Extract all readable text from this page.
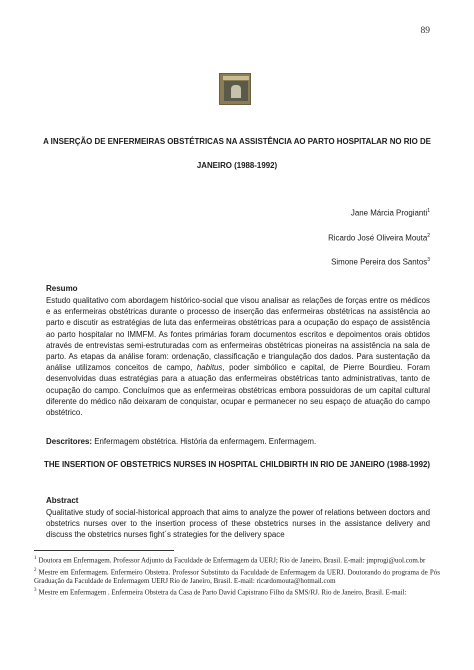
89
A INSERÇÃO DE ENFERMEIRAS OBSTÉTRICAS NA ASSISTÊNCIA AO PARTO HOSPITALAR NO RIO DE JANEIRO (1988-1992)
Jane Márcia Progianti$^1$
Ricardo José Oliveira Mouta$^2$
Simone Pereira dos Santos$^3$
Resumo
Estudo qualitativo com abordagem histórico-social que visou analisar as relações de forças entre os médicos e as enfermeiras obstétricas durante o processo de inserção das enfermeiras obstétricas na assistência ao parto e discutir as estratégias de luta das enfermeiras obstétricas para a ocupação do espaço de assistência ao parto hospitalar no IMMFM. As fontes primárias foram documentos escritos e depoimentos orais obtidos através de entrevistas semi-estruturadas com as enfermeiras obstétricas pioneiras na assistência na sala de parto. As etapas da análise foram: ordenação, classificação e triangulação dos dados. Para sustentação da análise utilizamos conceitos de campo, habitus, poder simbólico e capital, de Pierre Bourdieu. Foram desenvolvidas duas estratégias para a atuação das enfermeiras obstétricas tanto administrativas, tanto de ocupação do campo. Concluímos que as enfermeiras obstétricas embora possuidoras de um capital cultural diferente do médico não deixaram de conquistar, ocupar e permanecer no seu espaço de atuação do campo obstétrico.
Descritores: Enfermagem obstétrica. História da enfermagem. Enfermagem.
THE INSERTION OF OBSTETRICS NURSES IN HOSPITAL CHILDBIRTH IN RIO DE JANEIRO (1988-1992)
Abstract
Qualitative study of social-historical approach that aims to analyze the power of relations between doctors and obstetrics nurses over to the insertion process of these obstetrics nurses in the assistance delivery and discuss the obstetrics nurses fight´s strategies for the delivery space
$^1$ Doutora em Enfermagem. Professor Adjunto da Faculdade de Enfermagem da UERJ; Rio de Janeiro, Brasil. E-mail: jmprogi@uol.com.br
$^2$ Mestre em Enfermagem. Enfermeiro Obstetra. Professor Substituto da Faculdade de Enfermagem da UERJ. Doutorando do programa de Pós Graduação da Faculdade de Enfermagem UERJ Rio de Janeiro, Brasil. E-mail: ricardomouta@hotmail.com
$^3$ Mestre em Enfermagem . Enfermeira Obstetra da Casa de Parto David Capistrano Filho da SMS/RJ. Rio de Janeiro, Brasil. E-mail:
